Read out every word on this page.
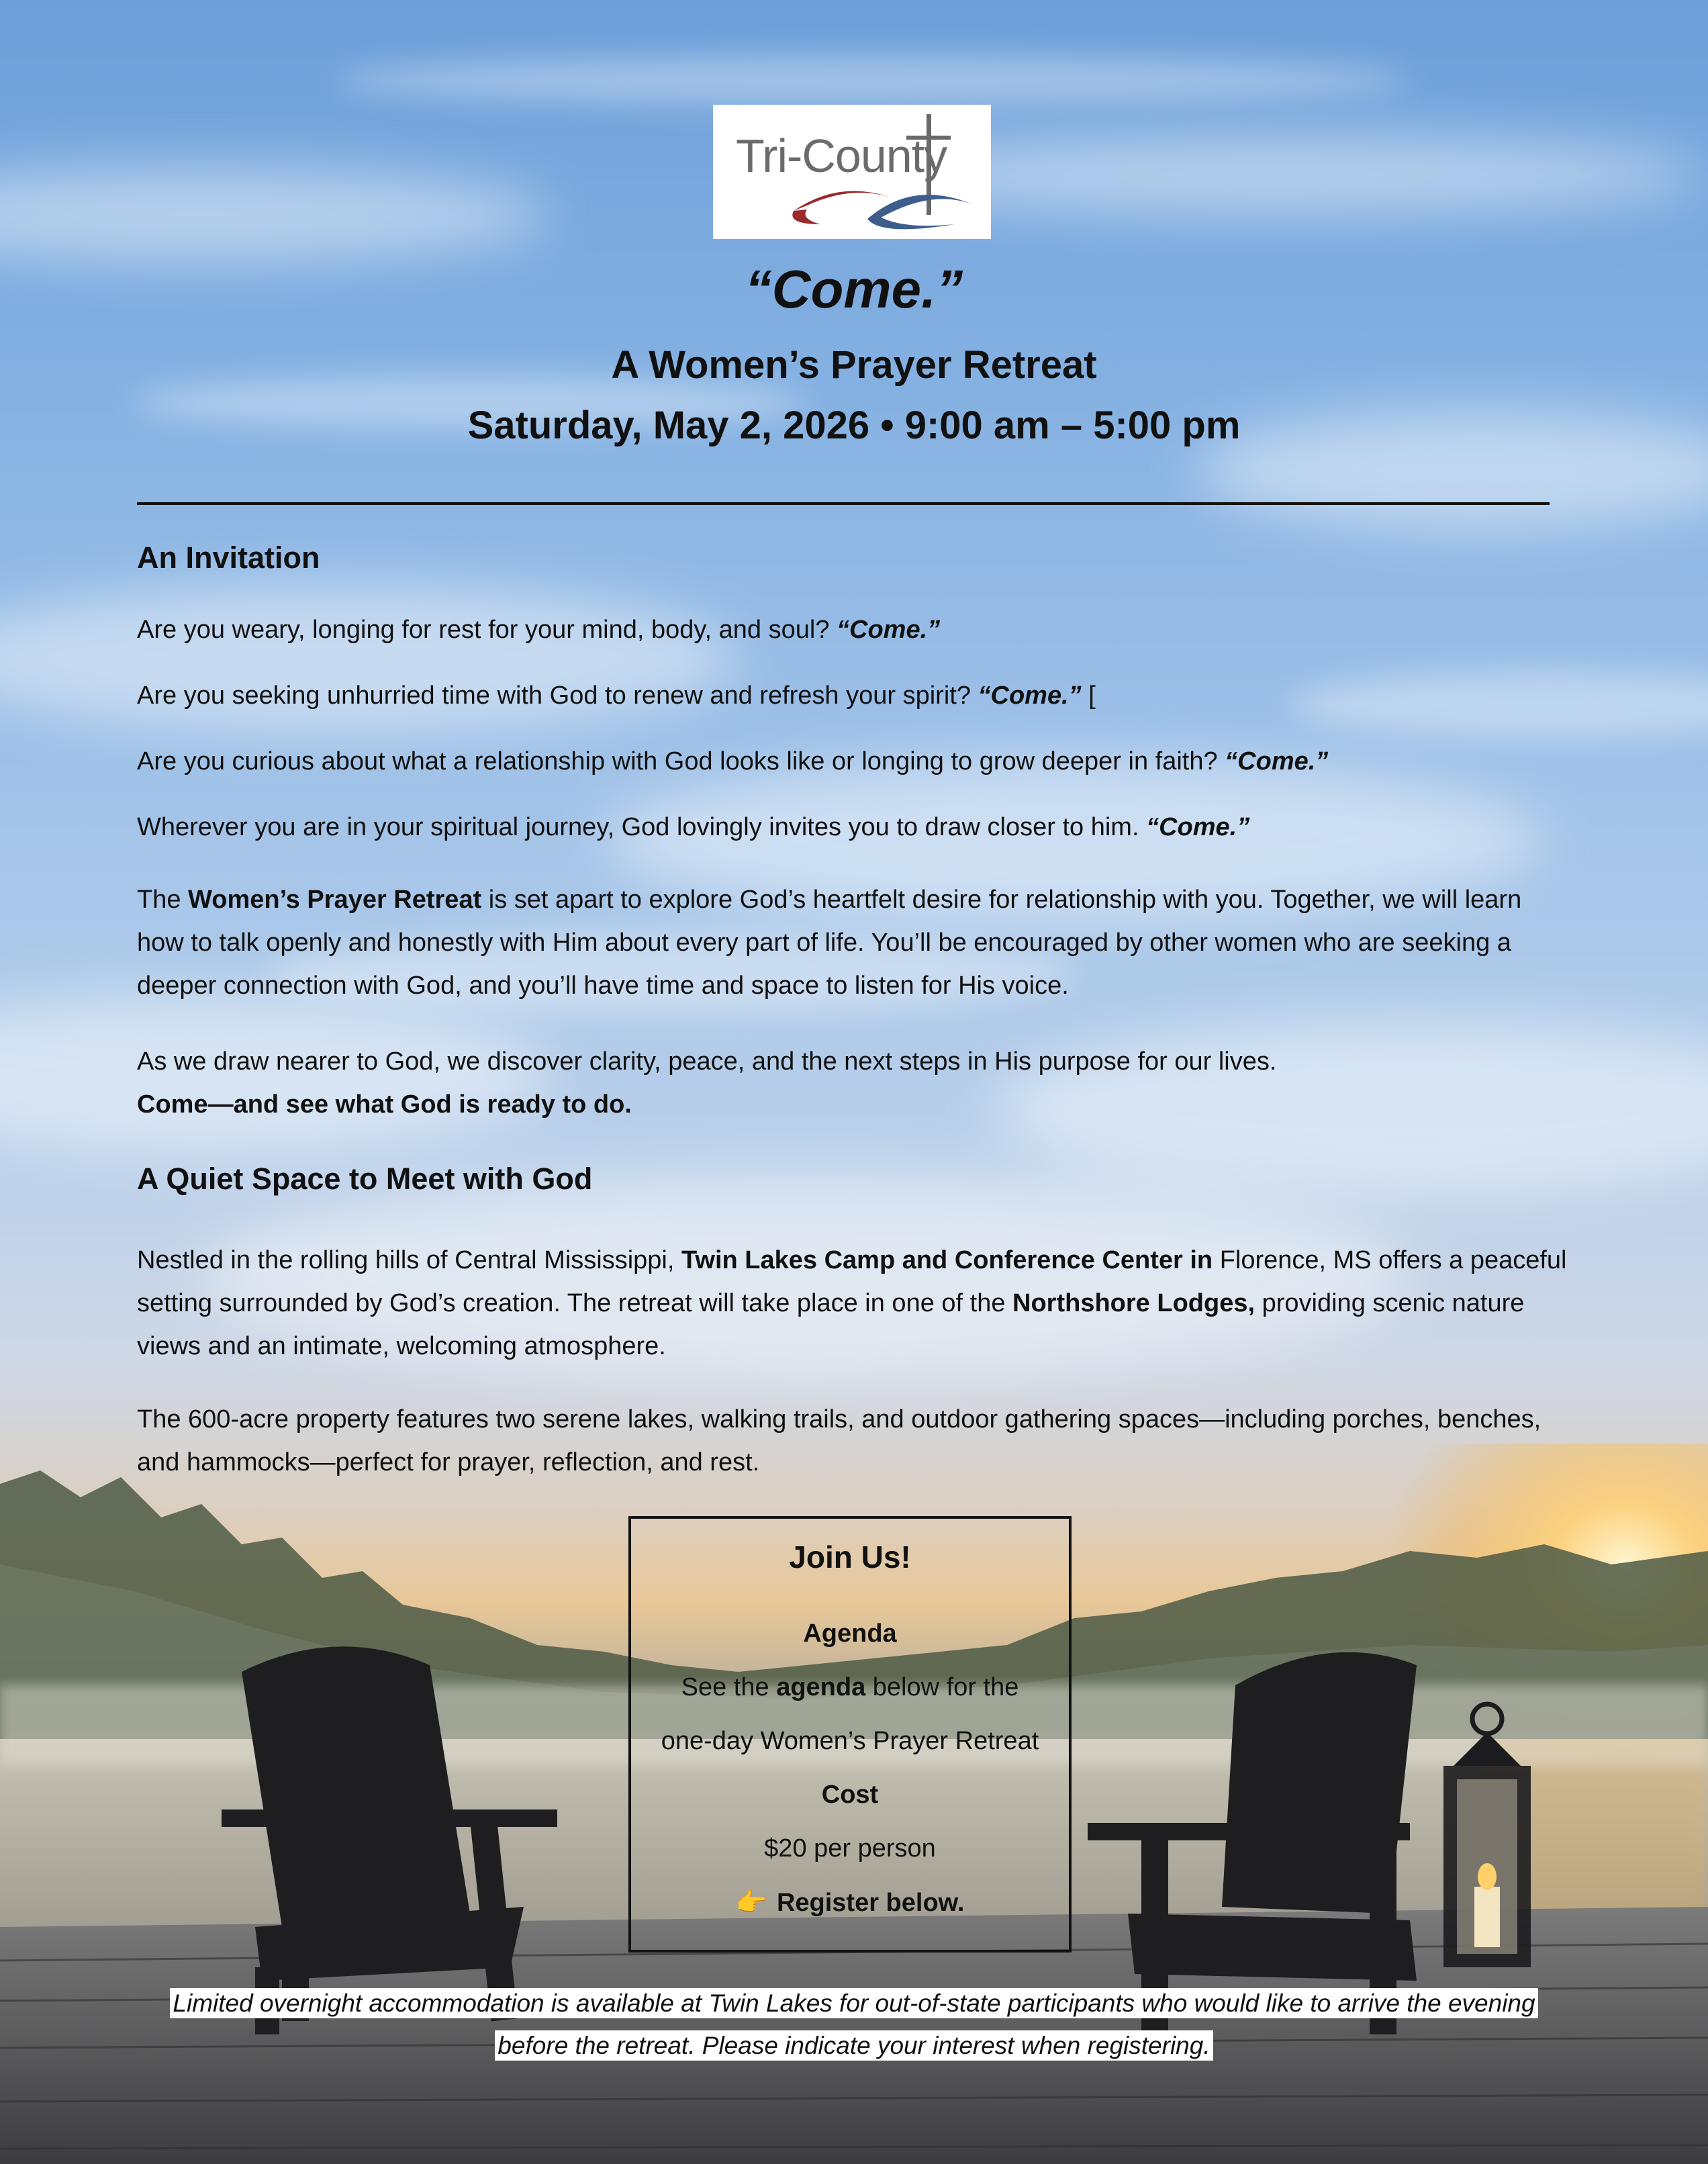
Tri-County
“Come.”
A Women’s Prayer Retreat
Saturday, May 2, 2026 • 9:00 am – 5:00 pm
An Invitation
Are you weary, longing for rest for your mind, body, and soul? “Come.”
Are you seeking unhurried time with God to renew and refresh your spirit? “Come.” [
Are you curious about what a relationship with God looks like or longing to grow deeper in faith? “Come.”
Wherever you are in your spiritual journey, God lovingly invites you to draw closer to him. “Come.”
The Women’s Prayer Retreat is set apart to explore God’s heartfelt desire for relationship with you. Together, we will learn how to talk openly and honestly with Him about every part of life. You’ll be encouraged by other women who are seeking a deeper connection with God, and you’ll have time and space to listen for His voice.
As we draw nearer to God, we discover clarity, peace, and the next steps in His purpose for our lives.
Come—and see what God is ready to do.
A Quiet Space to Meet with God
Nestled in the rolling hills of Central Mississippi, Twin Lakes Camp and Conference Center in Florence, MS offers a peaceful setting surrounded by God’s creation. The retreat will take place in one of the Northshore Lodges, providing scenic nature views and an intimate, welcoming atmosphere.
The 600-acre property features two serene lakes, walking trails, and outdoor gathering spaces—including porches, benches, and hammocks—perfect for prayer, reflection, and rest.
Join Us!
Agenda
See the agenda below for the
one-day Women’s Prayer Retreat
Cost
$20 per person
👉 Register below.
Limited overnight accommodation is available at Twin Lakes for out-of-state participants who would like to arrive the evening
before the retreat. Please indicate your interest when registering.
